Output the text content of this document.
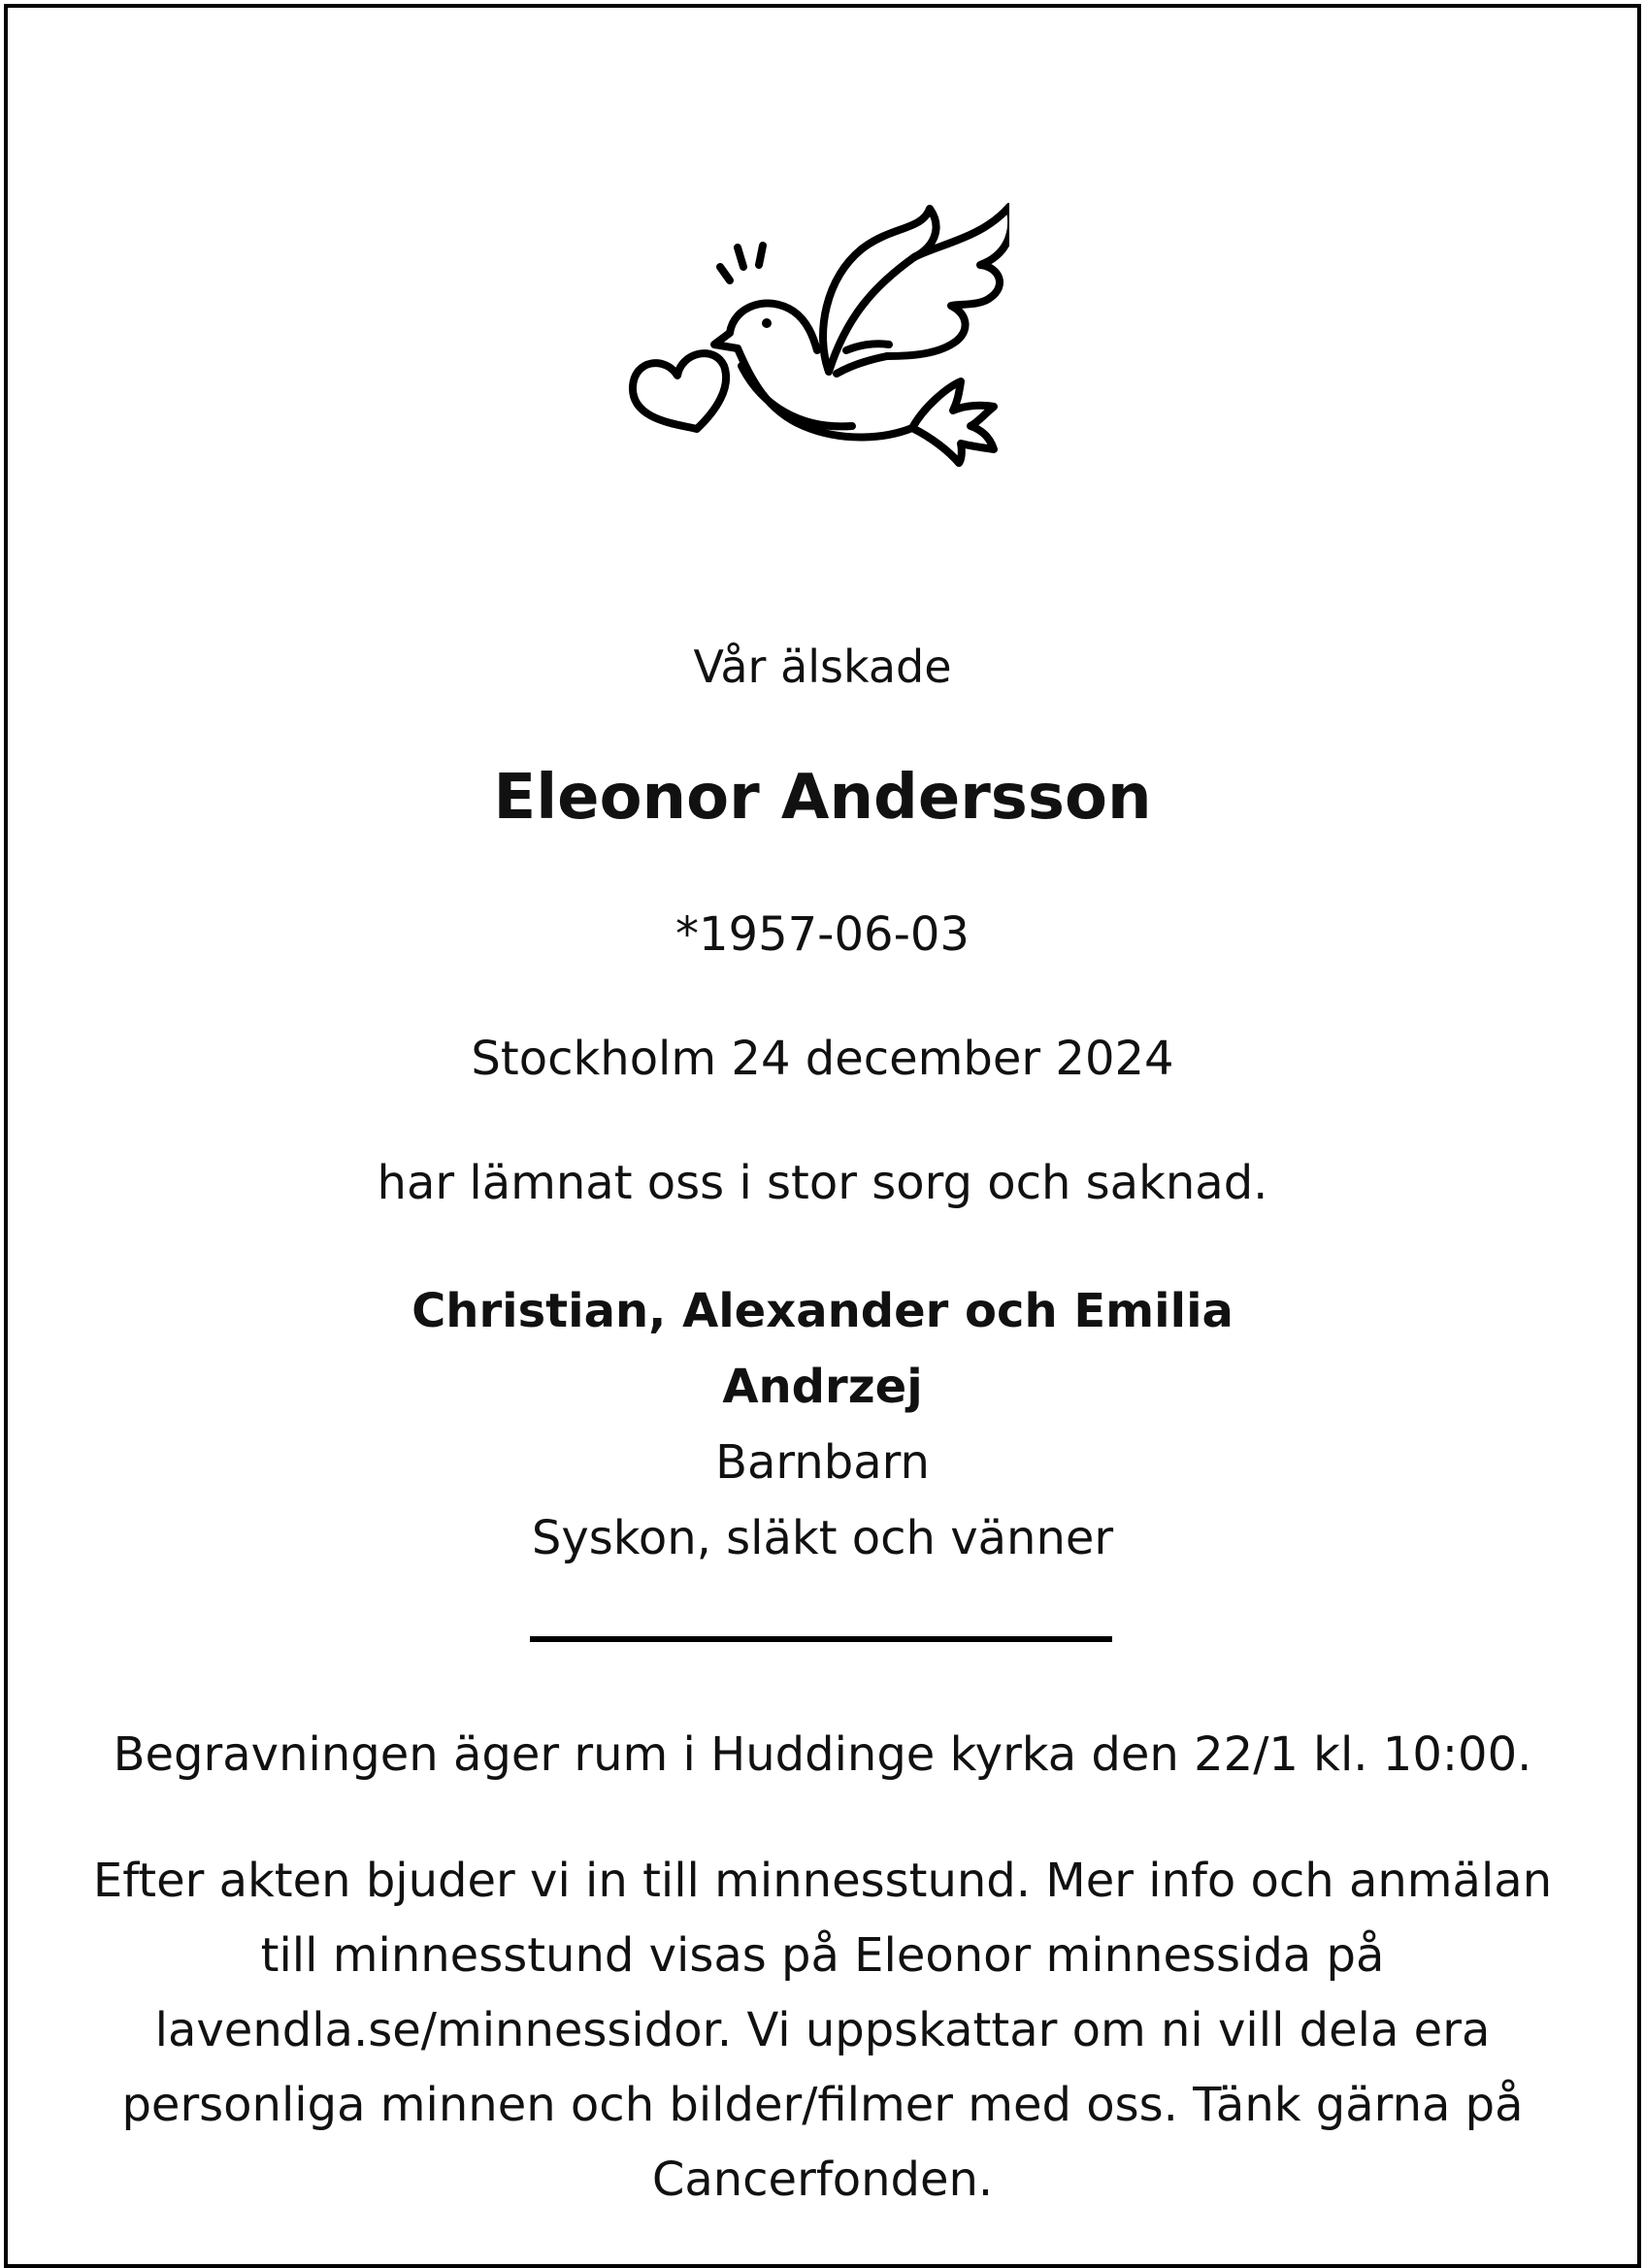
Vår älskade
Eleonor Andersson
*1957-06-03
Stockholm 24 december 2024
har lämnat oss i stor sorg och saknad.
Christian, Alexander och Emilia
Andrzej
Barnbarn
Syskon, släkt och vänner
Begravningen äger rum i Huddinge kyrka den 22/1 kl. 10:00.
Efter akten bjuder vi in till minnesstund. Mer info och anmälan
till minnesstund visas på Eleonor minnessida på
lavendla.se/minnessidor. Vi uppskattar om ni vill dela era
personliga minnen och bilder/filmer med oss. Tänk gärna på
Cancerfonden.
